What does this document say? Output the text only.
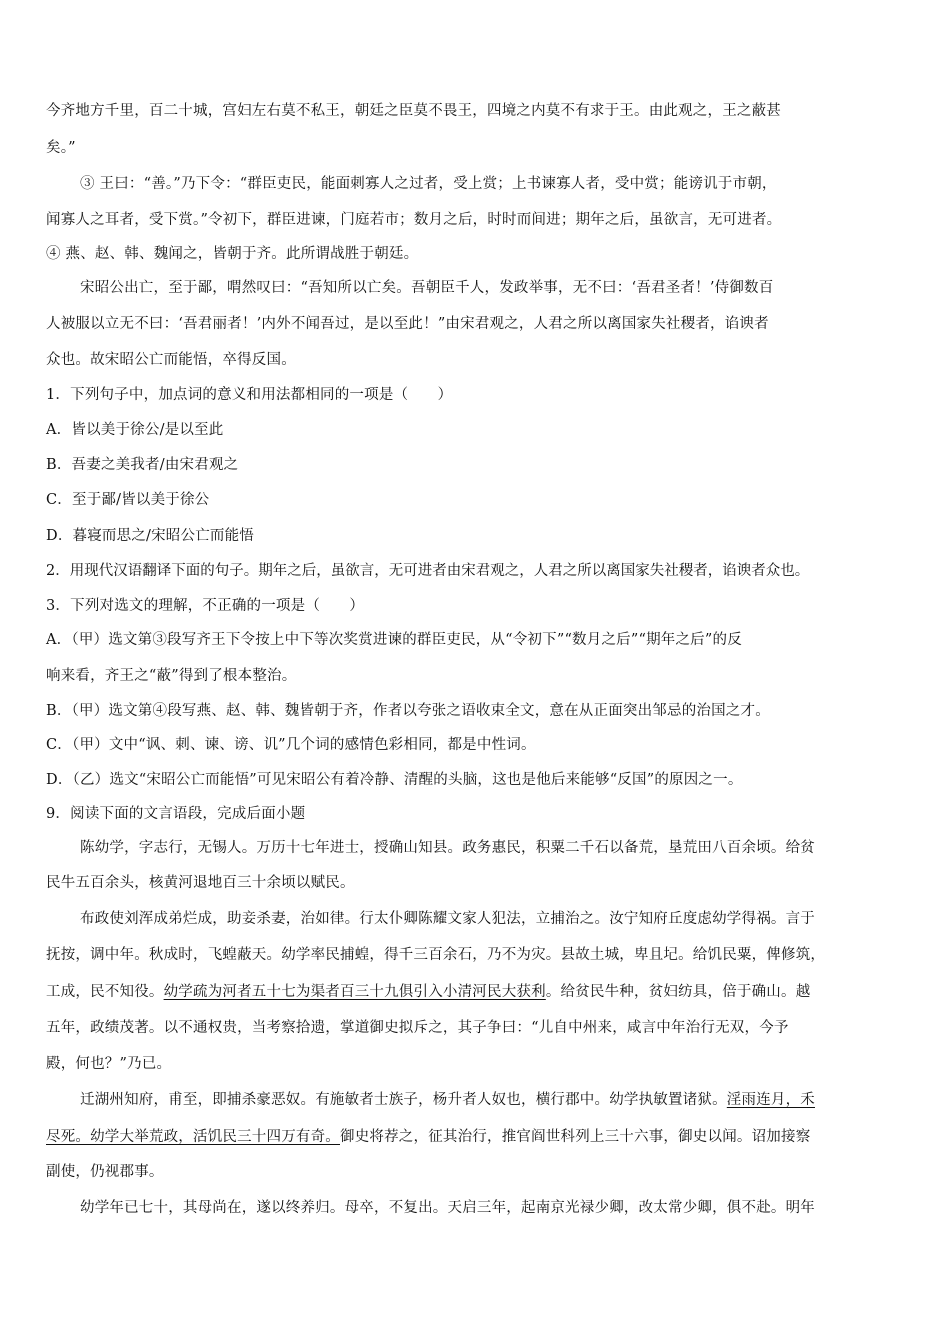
今齐地方千里，百二十城，宫妇左右莫不私王，朝廷之臣莫不畏王，四境之内莫不有求于王。由此观之，王之蔽甚
矣。”
③ 王曰：“善。”乃下令：“群臣吏民，能面刺寡人之过者，受上赏；上书谏寡人者，受中赏；能谤讥于市朝，
闻寡人之耳者，受下赏。”令初下，群臣进谏，门庭若市；数月之后，时时而间进；期年之后，虽欲言，无可进者。
④ 燕、赵、韩、魏闻之，皆朝于齐。此所谓战胜于朝廷。
宋昭公出亡，至于鄙，喟然叹曰：“吾知所以亡矣。吾朝臣千人，发政举事，无不曰：‘吾君圣者！’侍御数百
人被服以立无不曰：‘吾君丽者！’内外不闻吾过，是以至此！”由宋君观之，人君之所以离国家失社稷者，谄谀者
众也。故宋昭公亡而能悟，卒得反国。
1．下列句子中，加点词的意义和用法都相同的一项是（　　）
A．皆以美于徐公/是以至此
B．吾妻之美我者/由宋君观之
C．至于鄙/皆以美于徐公
D．暮寝而思之/宋昭公亡而能悟
2．用现代汉语翻译下面的句子。期年之后，虽欲言，无可进者由宋君观之，人君之所以离国家失社稷者，谄谀者众也。
3．下列对选文的理解，不正确的一项是（　　）
A．（甲）选文第③段写齐王下令按上中下等次奖赏进谏的群臣吏民，从“令初下”“数月之后”“期年之后”的反
响来看，齐王之“蔽”得到了根本整治。
B．（甲）选文第④段写燕、赵、韩、魏皆朝于齐，作者以夸张之语收束全文，意在从正面突出邹忌的治国之才。
C．（甲）文中“讽、刺、谏、谤、讥”几个词的感情色彩相同，都是中性词。
D．（乙）选文“宋昭公亡而能悟”可见宋昭公有着冷静、清醒的头脑，这也是他后来能够“反国”的原因之一。
9．阅读下面的文言语段，完成后面小题
陈幼学，字志行，无锡人。万历十七年进士，授确山知县。政务惠民，积粟二千石以备荒，垦荒田八百余顷。给贫
民牛五百余头，核黄河退地百三十余顷以赋民。
布政使刘浑成弟烂成，助妾杀妻，治如律。行太仆卿陈耀文家人犯法，立捕治之。汝宁知府丘度虑幼学得祸。言于
抚按，调中年。秋成时，飞蝗蔽天。幼学率民捕蝗，得千三百余石，乃不为灾。县故土城，卑且圮。给饥民粟，俾修筑，
工成，民不知役。幼学疏为河者五十七为渠者百三十九俱引入小清河民大获利。给贫民牛种，贫妇纺具，倍于确山。越
五年，政绩茂著。以不通权贵，当考察拾遗，掌道御史拟斥之，其子争曰：“儿自中州来，咸言中年治行无双，今予
殿，何也？”乃已。
迁湖州知府，甫至，即捕杀豪恶奴。有施敏者士族子，杨升者人奴也，横行郡中。幼学执敏置诸狱。淫雨连月，禾
尽死。幼学大举荒政，活饥民三十四万有奇。御史将荐之，征其治行，推官阎世科列上三十六事，御史以闻。诏加接察
副使，仍视郡事。
幼学年已七十，其母尚在，遂以终养归。母卒，不复出。天启三年，起南京光禄少卿，改太常少卿，俱不赴。明年
